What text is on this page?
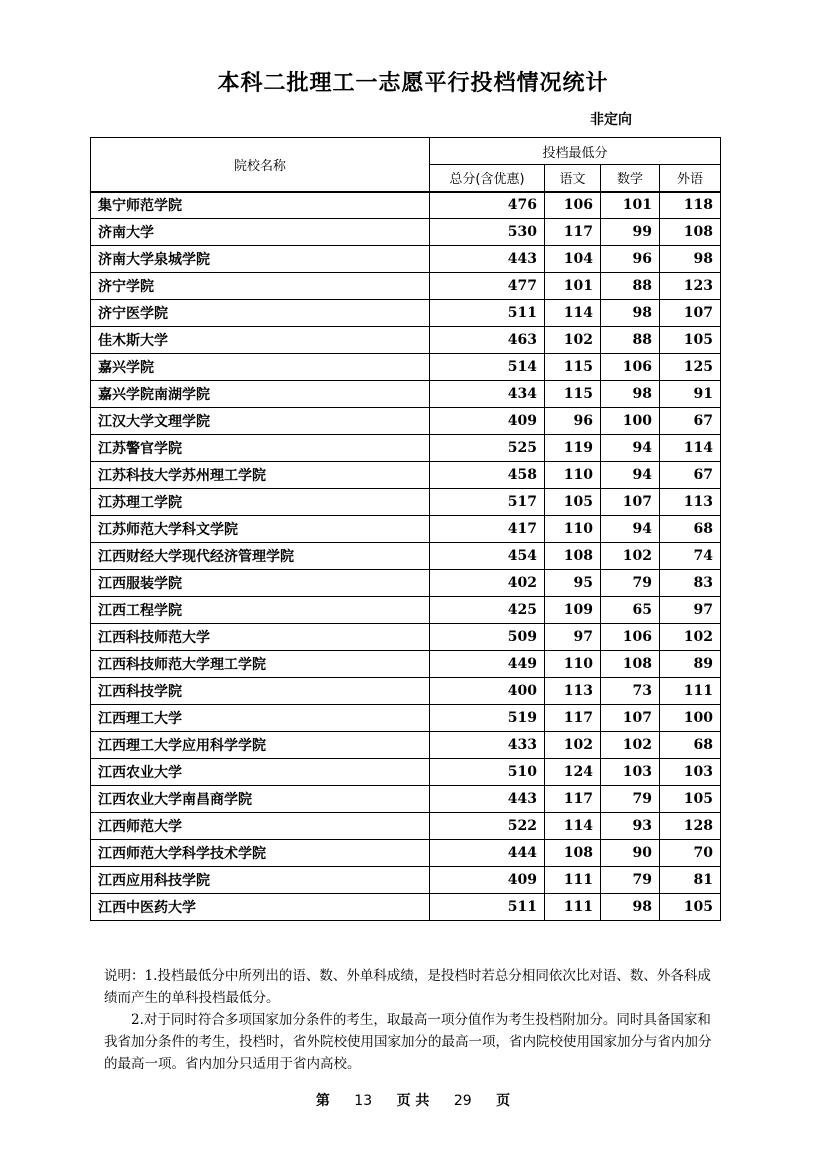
本科二批理工一志愿平行投档情况统计
非定向
院校名称	投档最低分			
	总分(含优惠)	语文	数学	外语
集宁师范学院	476	106	101	118
济南大学	530	117	99	108
济南大学泉城学院	443	104	96	98
济宁学院	477	101	88	123
济宁医学院	511	114	98	107
佳木斯大学	463	102	88	105
嘉兴学院	514	115	106	125
嘉兴学院南湖学院	434	115	98	91
江汉大学文理学院	409	96	100	67
江苏警官学院	525	119	94	114
江苏科技大学苏州理工学院	458	110	94	67
江苏理工学院	517	105	107	113
江苏师范大学科文学院	417	110	94	68
江西财经大学现代经济管理学院	454	108	102	74
江西服装学院	402	95	79	83
江西工程学院	425	109	65	97
江西科技师范大学	509	97	106	102
江西科技师范大学理工学院	449	110	108	89
江西科技学院	400	113	73	111
江西理工大学	519	117	107	100
江西理工大学应用科学学院	433	102	102	68
江西农业大学	510	124	103	103
江西农业大学南昌商学院	443	117	79	105
江西师范大学	522	114	93	128
江西师范大学科学技术学院	444	108	90	70
江西应用科技学院	409	111	79	81
江西中医药大学	511	111	98	105

说明：1.投档最低分中所列出的语、数、外单科成绩，是投档时若总分相同依次比对语、数、外各科成绩而产生的单科投档最低分。

2.对于同时符合多项国家加分条件的考生，取最高一项分值作为考生投档附加分。同时具备国家和我省加分条件的考生，投档时，省外院校使用国家加分的最高一项，省内院校使用国家加分与省内加分的最高一项。省内加分只适用于省内高校。

第 13 页 共 29 页
